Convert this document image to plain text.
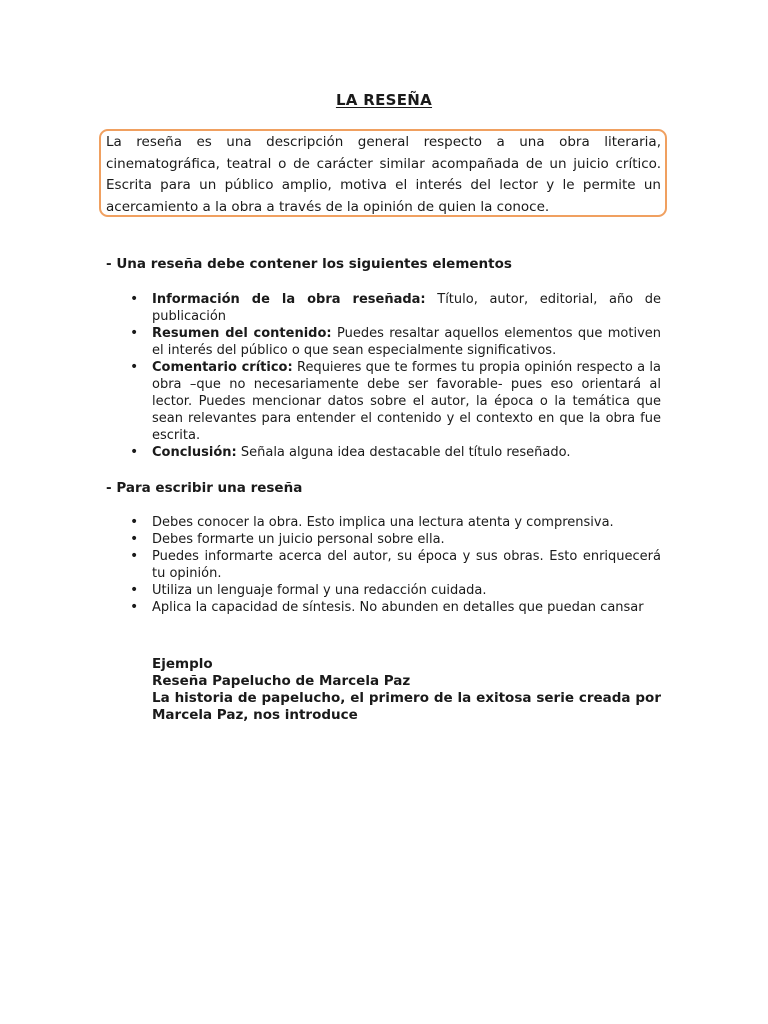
LA RESEÑA
La reseña es una descripción general respecto a una obra literaria, cinematográfica, teatral o de carácter similar acompañada de un juicio crítico. Escrita para un público amplio, motiva el interés del lector y le permite un acercamiento a la obra a través de la opinión de quien la conoce.
- Una reseña debe contener los siguientes elementos
• Información de la obra reseñada: Título, autor, editorial, año de publicación
• Resumen del contenido: Puedes resaltar aquellos elementos que motiven el interés del público o que sean especialmente significativos.
• Comentario crítico: Requieres que te formes tu propia opinión respecto a la obra –que no necesariamente debe ser favorable- pues eso orientará al lector. Puedes mencionar datos sobre el autor, la época o la temática que sean relevantes para entender el contenido y el contexto en que la obra fue escrita.
• Conclusión: Señala alguna idea destacable del título reseñado.
- Para escribir una reseña
• Debes conocer la obra. Esto implica una lectura atenta y comprensiva.
• Debes formarte un juicio personal sobre ella.
• Puedes informarte acerca del autor, su época y sus obras. Esto enriquecerá tu opinión.
• Utiliza un lenguaje formal y una redacción cuidada.
• Aplica la capacidad de síntesis. No abunden en detalles que puedan cansar
Ejemplo
Reseña Papelucho de Marcela Paz
La historia de papelucho, el primero de la exitosa serie creada por Marcela Paz, nos introduce
